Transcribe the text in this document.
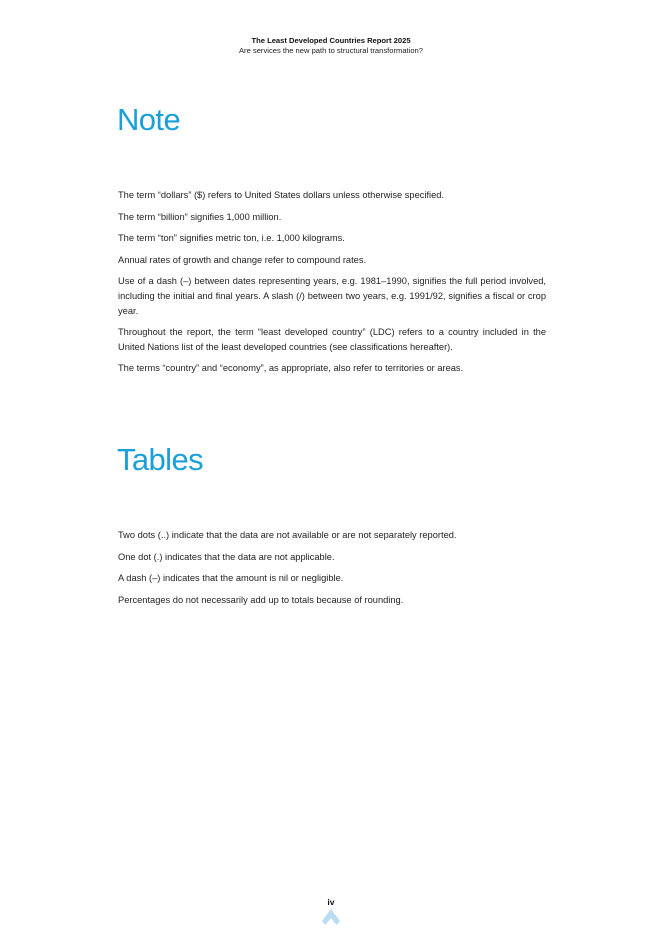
The Least Developed Countries Report 2025
Are services the new path to structural transformation?
Note

The term “dollars” ($) refers to United States dollars unless otherwise specified.

The term “billion” signifies 1,000 million.

The term “ton” signifies metric ton, i.e. 1,000 kilograms.

Annual rates of growth and change refer to compound rates.

Use of a dash (–) between dates representing years, e.g. 1981–1990, signifies the full period involved, including the initial and final years. A slash (/) between two years, e.g. 1991/92, signifies a fiscal or crop year.

Throughout the report, the term “least developed country” (LDC) refers to a country included in the United Nations list of the least developed countries (see classifications hereafter).

The terms “country” and “economy”, as appropriate, also refer to territories or areas.

Tables

Two dots (..) indicate that the data are not available or are not separately reported.

One dot (.) indicates that the data are not applicable.

A dash (–) indicates that the amount is nil or negligible.

Percentages do not necessarily add up to totals because of rounding.

iv
